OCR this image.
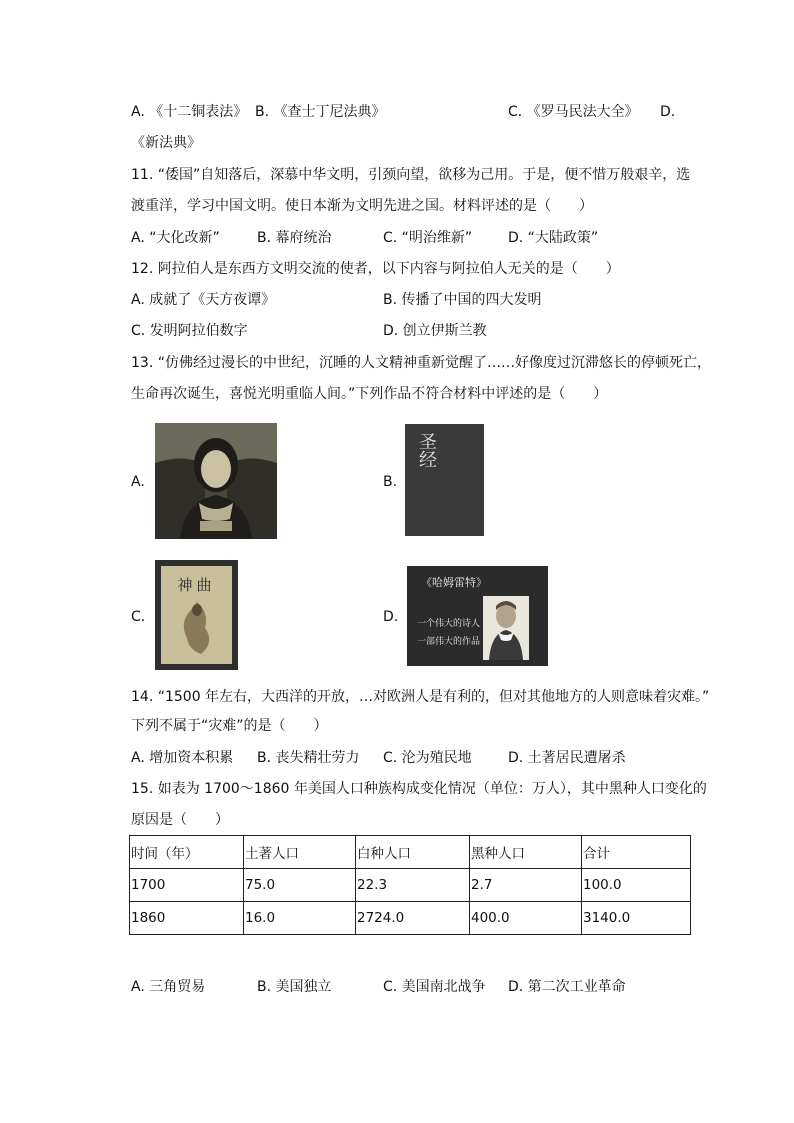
A. 《十二铜表法》 B. 《查士丁尼法典》	C. 《罗马民法大全》 D.
《新法典》
11. “倭国”自知落后，深慕中华文明，引颈向望，欲移为己用。于是，便不惜万般艰辛，选
渡重洋，学习中国文明。使日本渐为文明先进之国。材料评述的是（　　）
A. “大化改新”	B. 幕府统治	C. “明治维新”	D. “大陆政策”
12. 阿拉伯人是东西方文明交流的使者，以下内容与阿拉伯人无关的是（　　）
A. 成就了《天方夜谭》	B. 传播了中国的四大发明
C. 发明阿拉伯数字	D. 创立伊斯兰教
13. “仿佛经过漫长的中世纪，沉睡的人文精神重新觉醒了……好像度过沉滞悠长的停顿死亡，
生命再次诞生，喜悦光明重临人间。”下列作品不符合材料中评述的是（　　）
A.	B.
圣经
C.
神曲
D.
《哈姆雷特》
一个伟大的诗人
一部伟大的作品
14. “1500 年左右，大西洋的开放，…对欧洲人是有利的，但对其他地方的人则意味着灾难。”
下列不属于“灾难”的是（　　）
A. 增加资本积累 B. 丧失精壮劳力 C. 沦为殖民地	D. 土著居民遭屠杀
15. 如表为 1700～1860 年美国人口种族构成变化情况（单位：万人），其中黑种人口变化的
原因是（　　）
时间（年）	土著人口	白种人口	黑种人口	合计
1700	75.0	22.3	2.7	100.0
1860	16.0	2724.0	400.0	3140.0
A. 三角贸易	B. 美国独立	C. 美国南北战争 D. 第二次工业革命
